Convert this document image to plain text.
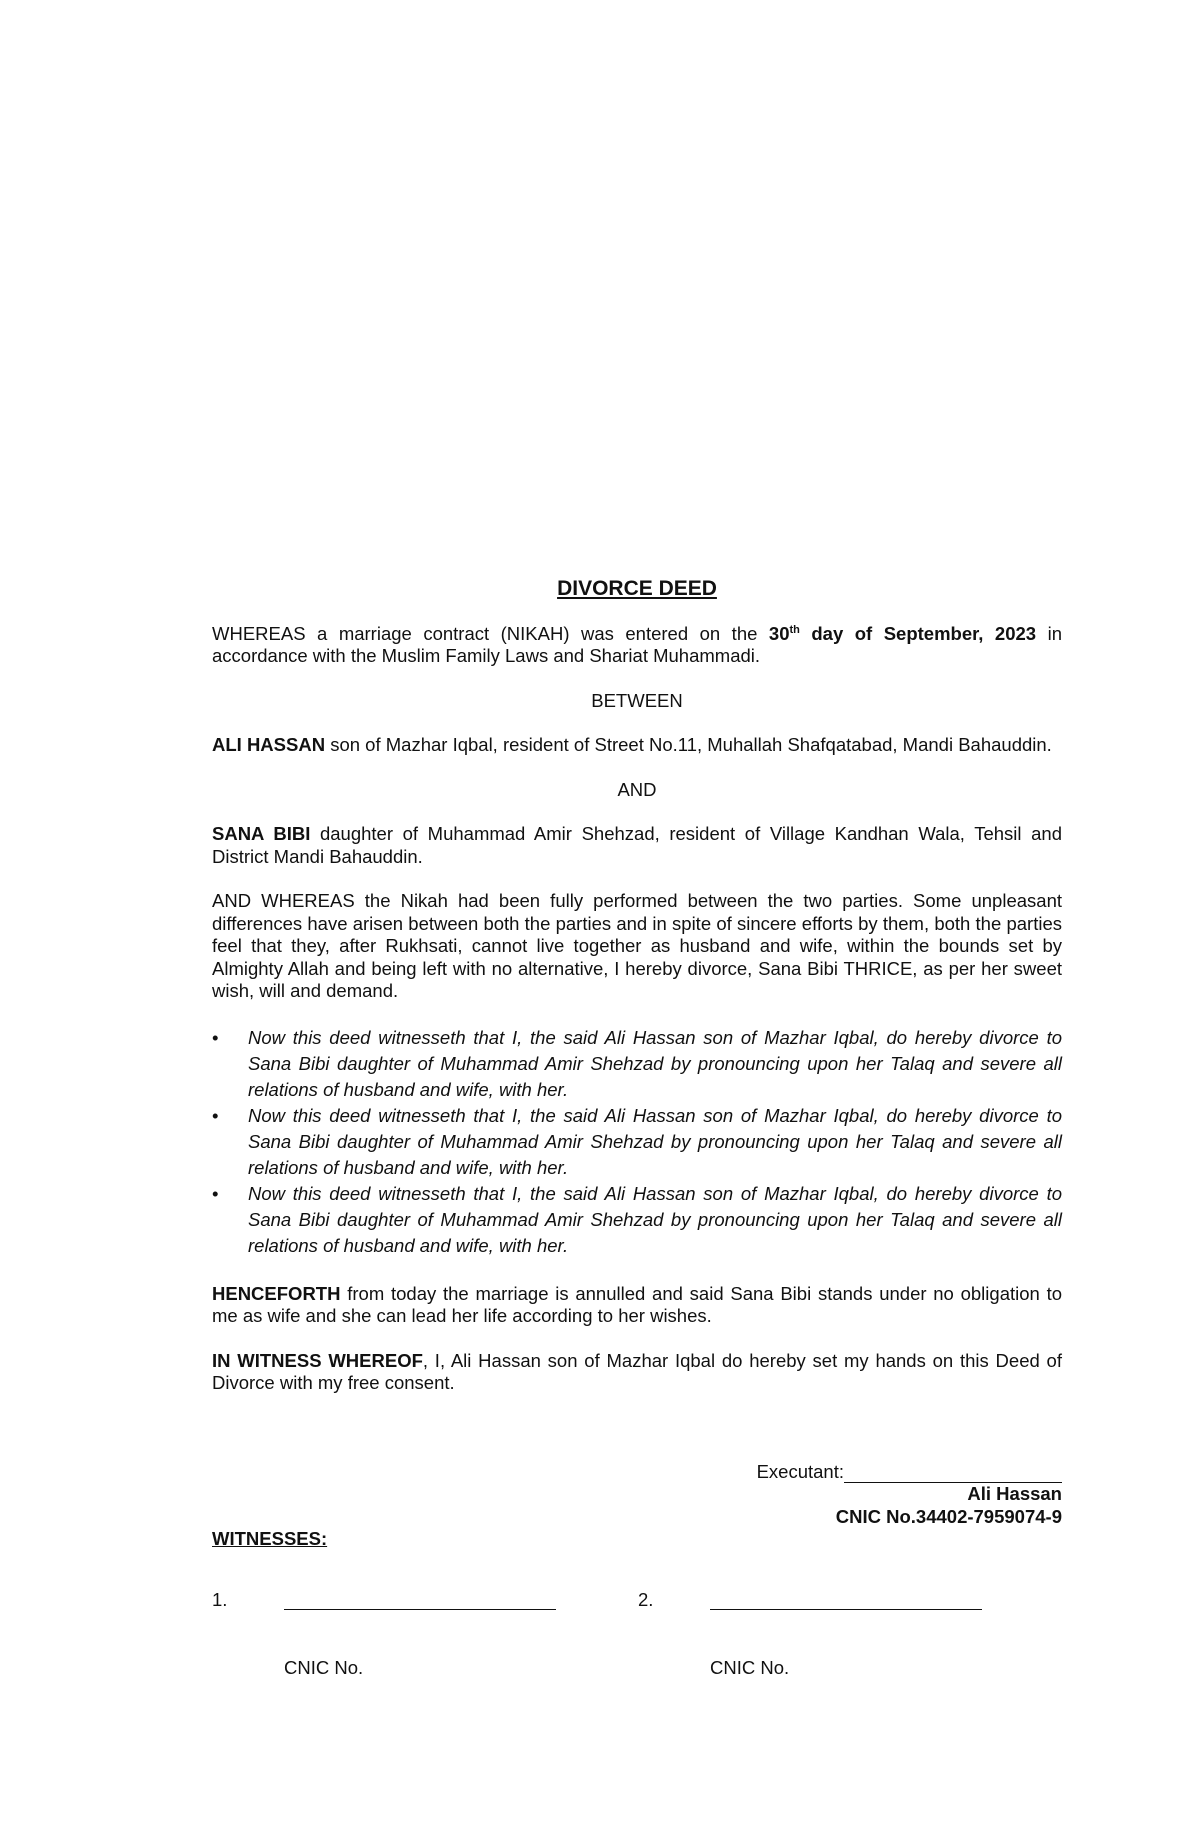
DIVORCE DEED

WHEREAS a marriage contract (NIKAH) was entered on the 30th day of September, 2023 in accordance with the Muslim Family Laws and Shariat Muhammadi.

BETWEEN

ALI HASSAN son of Mazhar Iqbal, resident of Street No.11, Muhallah Shafqatabad, Mandi Bahauddin.

AND

SANA BIBI daughter of Muhammad Amir Shehzad, resident of Village Kandhan Wala, Tehsil and District Mandi Bahauddin.

AND WHEREAS the Nikah had been fully performed between the two parties. Some unpleasant differences have arisen between both the parties and in spite of sincere efforts by them, both the parties feel that they, after Rukhsati, cannot live together as husband and wife, within the bounds set by Almighty Allah and being left with no alternative, I hereby divorce, Sana Bibi THRICE, as per her sweet wish, will and demand.

• Now this deed witnesseth that I, the said Ali Hassan son of Mazhar Iqbal, do hereby divorce to Sana Bibi daughter of Muhammad Amir Shehzad by pronouncing upon her Talaq and severe all relations of husband and wife, with her.
• Now this deed witnesseth that I, the said Ali Hassan son of Mazhar Iqbal, do hereby divorce to Sana Bibi daughter of Muhammad Amir Shehzad by pronouncing upon her Talaq and severe all relations of husband and wife, with her.
• Now this deed witnesseth that I, the said Ali Hassan son of Mazhar Iqbal, do hereby divorce to Sana Bibi daughter of Muhammad Amir Shehzad by pronouncing upon her Talaq and severe all relations of husband and wife, with her.

HENCEFORTH from today the marriage is annulled and said Sana Bibi stands under no obligation to me as wife and she can lead her life according to her wishes.

IN WITNESS WHEREOF, I, Ali Hassan son of Mazhar Iqbal do hereby set my hands on this Deed of Divorce with my free consent.

Executant:
Ali Hassan
CNIC No.34402-7959074-9
WITNESSES:
1.	2.
CNIC No.	CNIC No.
